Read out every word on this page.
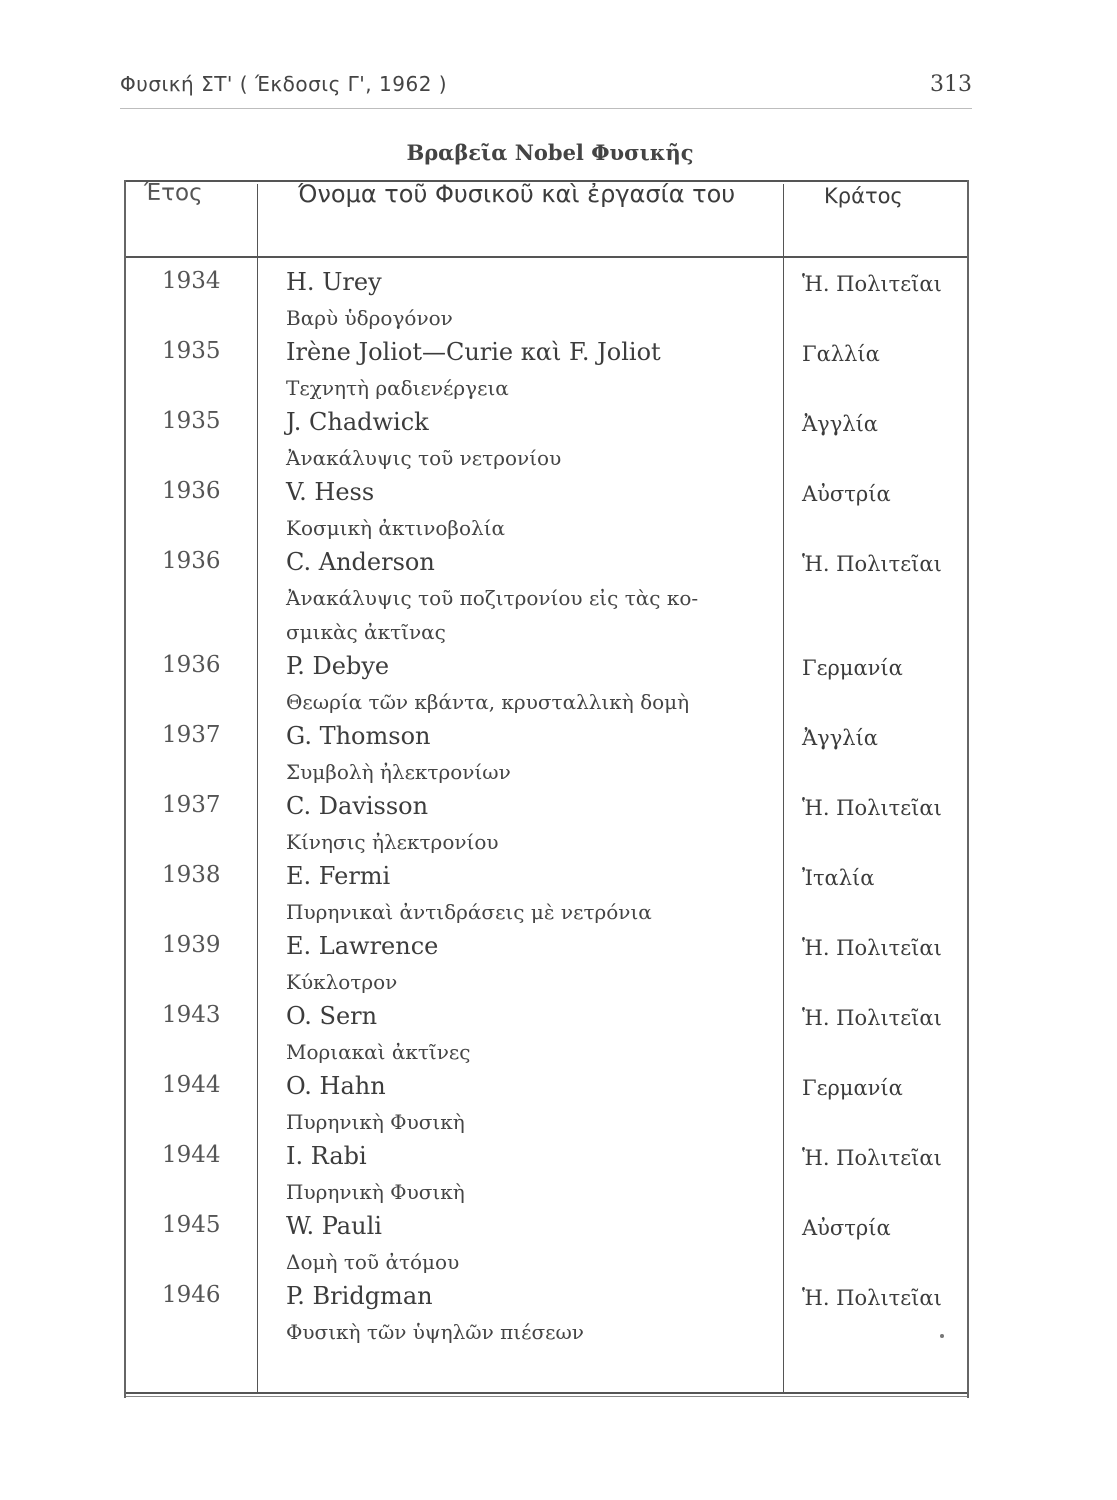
Φυσική ΣΤ' ( Έκδοσις Γ', 1962 )	313
Βραβεῖα Nobel Φυσικῆς
Έτος	Όνομα τοῦ Φυσικοῦ καὶ ἐργασία του	Κράτος
1934	H. Urey	Ἡ. Πολιτεῖαι
Βαρὺ ὑδρογόνον
1935	Irène Joliot—Curie καὶ F. Joliot	Γαλλία
Τεχνητὴ ραδιενέργεια
1935	J. Chadwick	Ἀγγλία
Ἀνακάλυψις τοῦ νετρονίου
1936	V. Hess	Αὐστρία
Κοσμικὴ ἀκτινοβολία
1936	C. Anderson	Ἡ. Πολιτεῖαι
Ἀνακάλυψις τοῦ ποζιτρονίου εἰς τὰς κο-
σμικὰς ἀκτῖνας
1936	P. Debye	Γερμανία
Θεωρία τῶν κβάντα, κρυσταλλικὴ δομὴ
1937	G. Thomson	Ἀγγλία
Συμβολὴ ἠλεκτρονίων
1937	C. Davisson	Ἡ. Πολιτεῖαι
Κίνησις ἠλεκτρονίου
1938	E. Fermi	Ἰταλία
Πυρηνικαὶ ἀντιδράσεις μὲ νετρόνια
1939	E. Lawrence	Ἡ. Πολιτεῖαι
Κύκλοτρον
1943	O. Sern	Ἡ. Πολιτεῖαι
Μοριακαὶ ἀκτῖνες
1944	O. Hahn	Γερμανία
Πυρηνικὴ Φυσικὴ
1944	I. Rabi	Ἡ. Πολιτεῖαι
Πυρηνικὴ Φυσικὴ
1945	W. Pauli	Αὐστρία
Δομὴ τοῦ ἀτόμου
1946	P. Bridgman	Ἡ. Πολιτεῖαι
Φυσικὴ τῶν ὑψηλῶν πιέσεων
